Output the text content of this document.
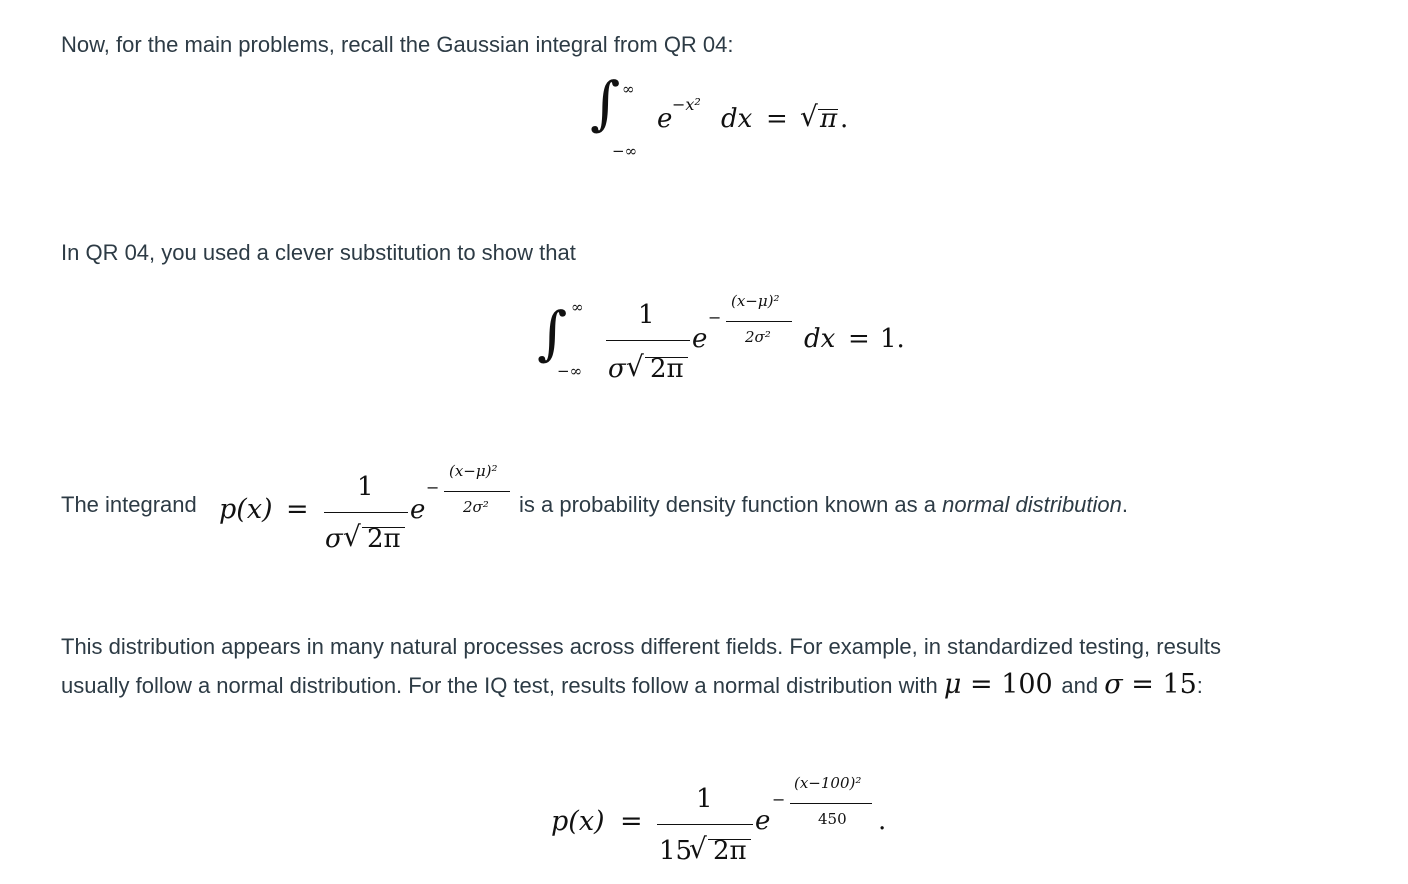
Now, for the main problems, recall the Gaussian integral from QR 04:

∫ ∞
−∞
e −x² dx = √ π .

In QR 04, you used a clever substitution to show that

∫ ∞
−∞
1
σ √ 2π
e
−
(x−μ)²
2σ² dx = 1.
The integrand p(x) =
1
σ √ 2π
e
−
(x−μ)²
2σ² is a probability density function known as a normal distribution.
This distribution appears in many natural processes across different fields. For example, in standardized testing, results
usually follow a normal distribution. For the IQ test, results follow a normal distribution with μ = 100 and σ = 15:
p(x) =
1
15
√ 2π
e
−
(x−100)²
450 .
